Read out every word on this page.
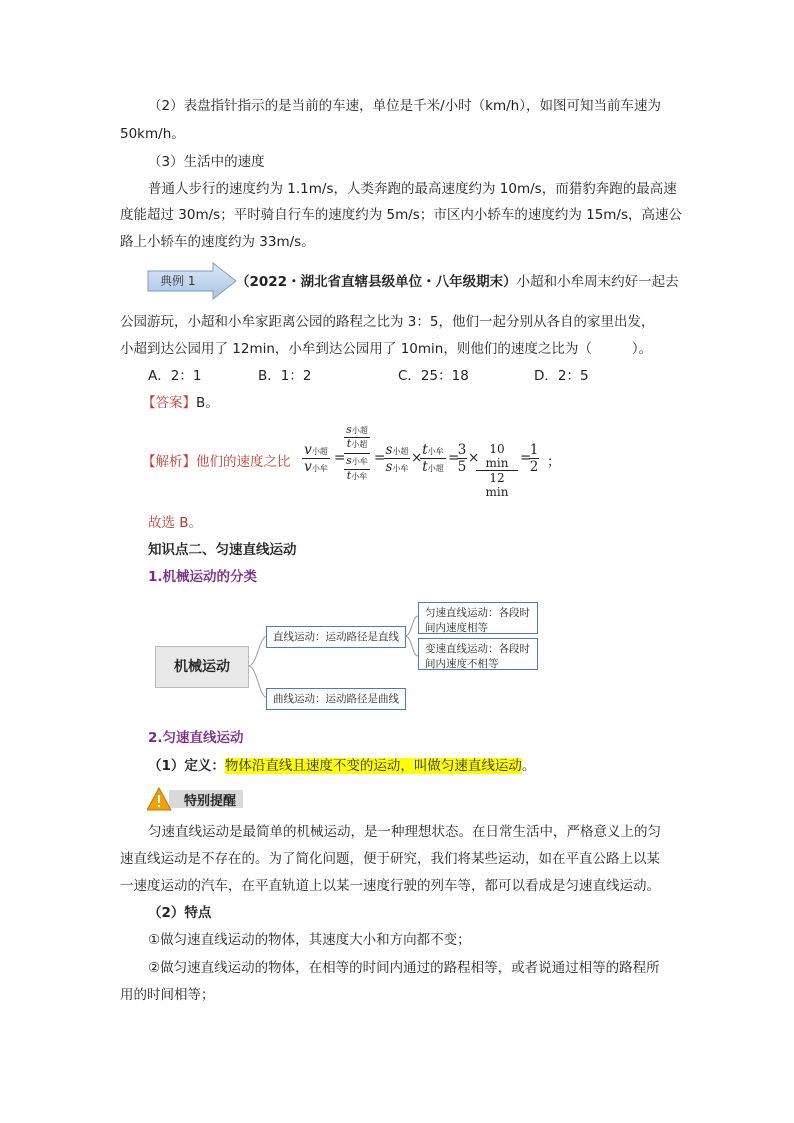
（2）表盘指针指示的是当前的车速，单位是千米/小时（km/h），如图可知当前车速为
50km/h。
（3）生活中的速度
普通人步行的速度约为 1.1m/s，人类奔跑的最高速度约为 10m/s，而猎豹奔跑的最高速
度能超过 30m/s；平时骑自行车的速度约为 5m/s；市区内小轿车的速度约为 15m/s，高速公
路上小轿车的速度约为 33m/s。
典例 1	（2022・湖北省直辖县级单位・八年级期末）小超和小牟周末约好一起去
公园游玩，小超和小牟家距离公园的路程之比为 3：5，他们一起分别从各自的家里出发，
小超到达公园用了 12min，小牟到达公园用了 10min，则他们的速度之比为（	）。
A．2：1	B．1：2	C．25：18	D．2：5
【答案】B。
【解析】他们的速度之比
v小超
v小牟
=
s小超
t小超
s小牟
t小牟
= s小超
s小牟
× t小牟
t小超
=
$\frac{3}{5}$ ×
10 min
12 min
=
$\frac{1}{2}$ ；
故选 B。
知识点二、匀速直线运动
1.机械运动的分类
机械运动
直线运动：运动路径是直线
曲线运动：运动路径是曲线
匀速直线运动：各段时间内速度相等
变速直线运动：各段时间内速度不相等
2.匀速直线运动
（1）定义：物体沿直线且速度不变的运动，叫做匀速直线运动。
特别提醒
匀速直线运动是最简单的机械运动，是一种理想状态。在日常生活中，严格意义上的匀
速直线运动是不存在的。为了简化问题，便于研究，我们将某些运动，如在平直公路上以某
一速度运动的汽车，在平直轨道上以某一速度行驶的列车等，都可以看成是匀速直线运动。
（2）特点
①做匀速直线运动的物体，其速度大小和方向都不变；
②做匀速直线运动的物体，在相等的时间内通过的路程相等，或者说通过相等的路程所
用的时间相等；
